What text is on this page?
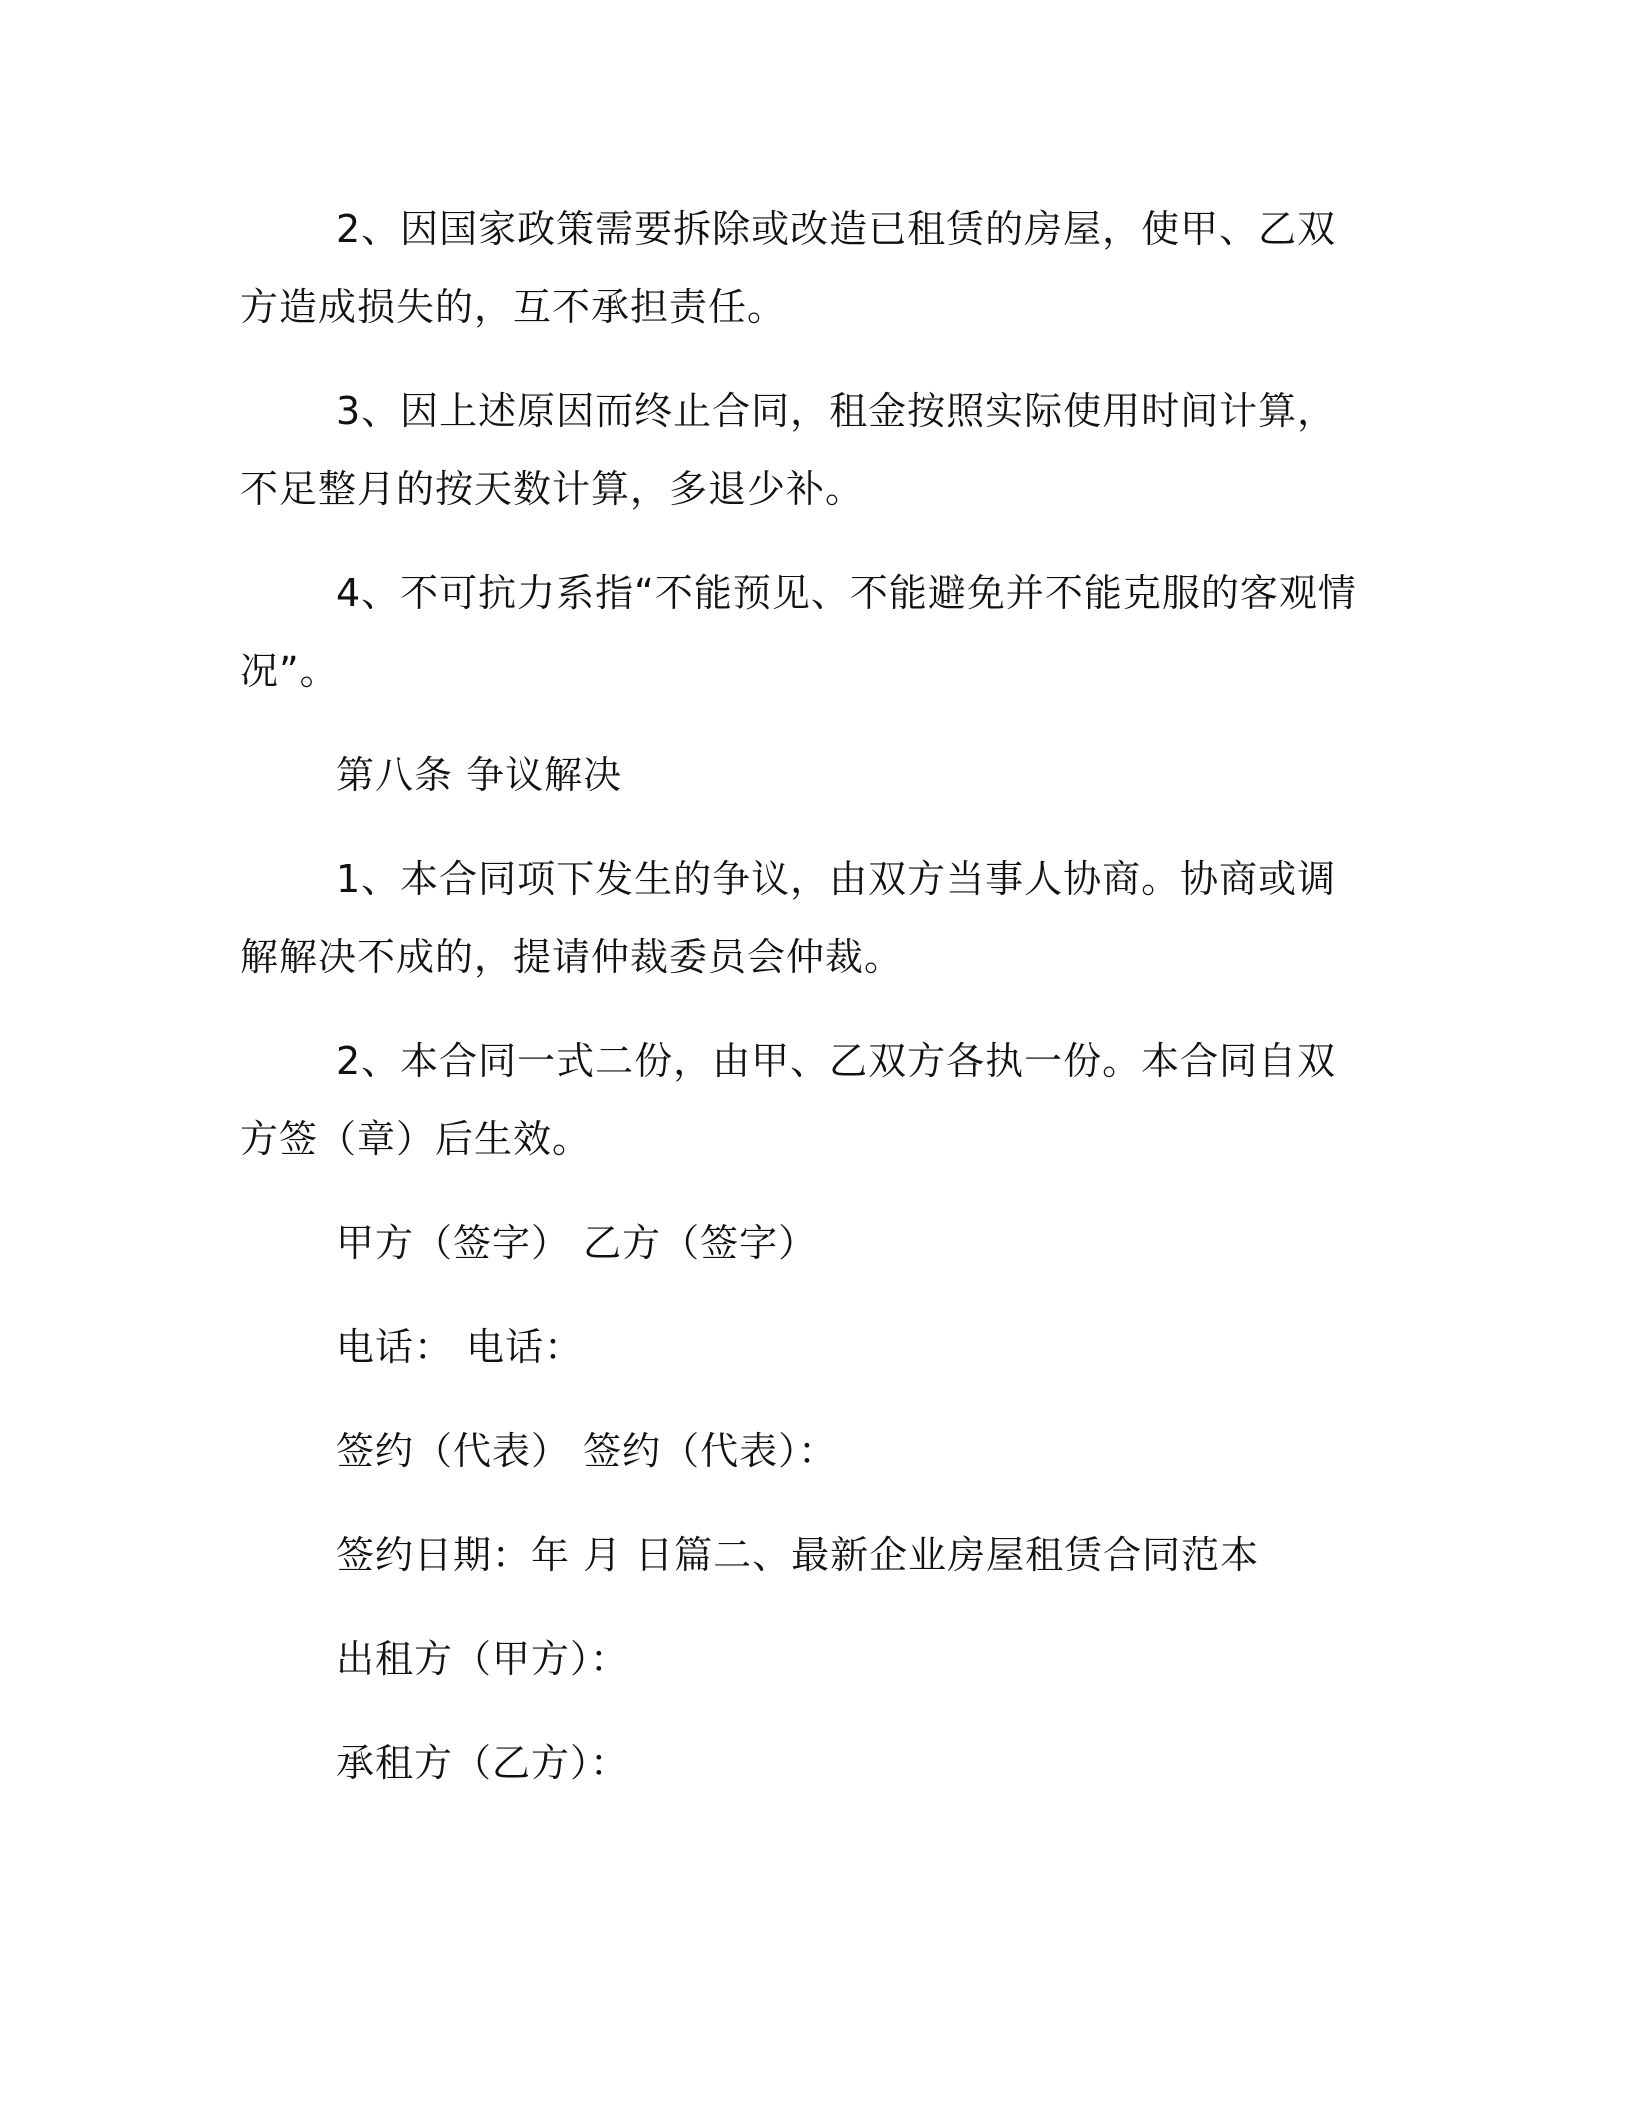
2、因国家政策需要拆除或改造已租赁的房屋，使甲、乙双方造成损失的，互不承担责任。

3、因上述原因而终止合同，租金按照实际使用时间计算，不足整月的按天数计算，多退少补。

4、不可抗力系指“不能预见、不能避免并不能克服的客观情况”。

第八条 争议解决

1、本合同项下发生的争议，由双方当事人协商。协商或调解解决不成的，提请仲裁委员会仲裁。

2、本合同一式二份，由甲、乙双方各执一份。本合同自双方签（章）后生效。

甲方（签字） 乙方（签字）

电话： 电话：

签约（代表） 签约（代表）：

签约日期：年 月 日篇二、最新企业房屋租赁合同范本

出租方（甲方）：

承租方（乙方）：
